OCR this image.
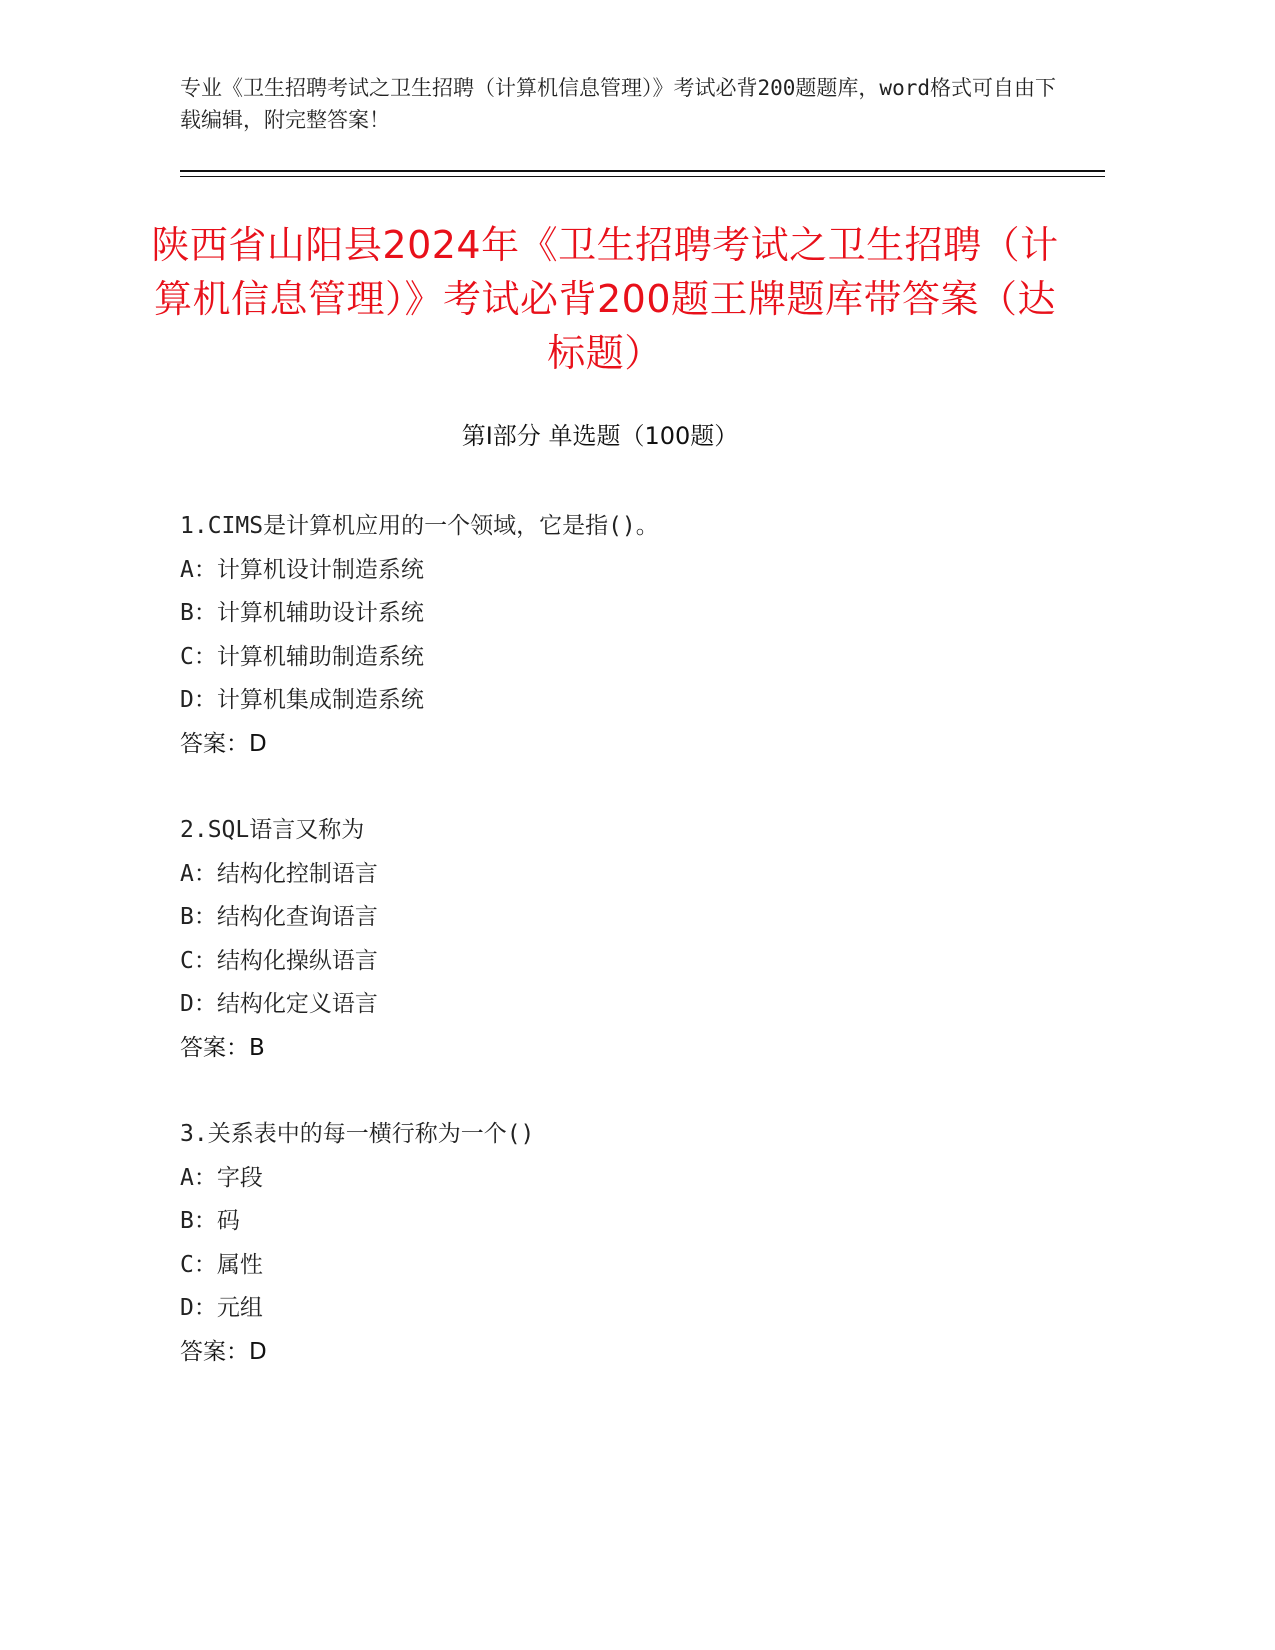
专业《卫生招聘考试之卫生招聘（计算机信息管理）》考试必背200题题库，word格式可自由下载编辑，附完整答案！
陕西省山阳县2024年《卫生招聘考试之卫生招聘（计算机信息管理）》考试必背200题王牌题库带答案（达标题）
第Ⅰ部分 单选题（100题）
1.CIMS是计算机应用的一个领域，它是指()。
A：计算机设计制造系统
B：计算机辅助设计系统
C：计算机辅助制造系统
D：计算机集成制造系统
答案：D
2.SQL语言又称为
A：结构化控制语言
B：结构化查询语言
C：结构化操纵语言
D：结构化定义语言
答案：B
3.关系表中的每一横行称为一个()
A：字段
B：码
C：属性
D：元组
答案：D
